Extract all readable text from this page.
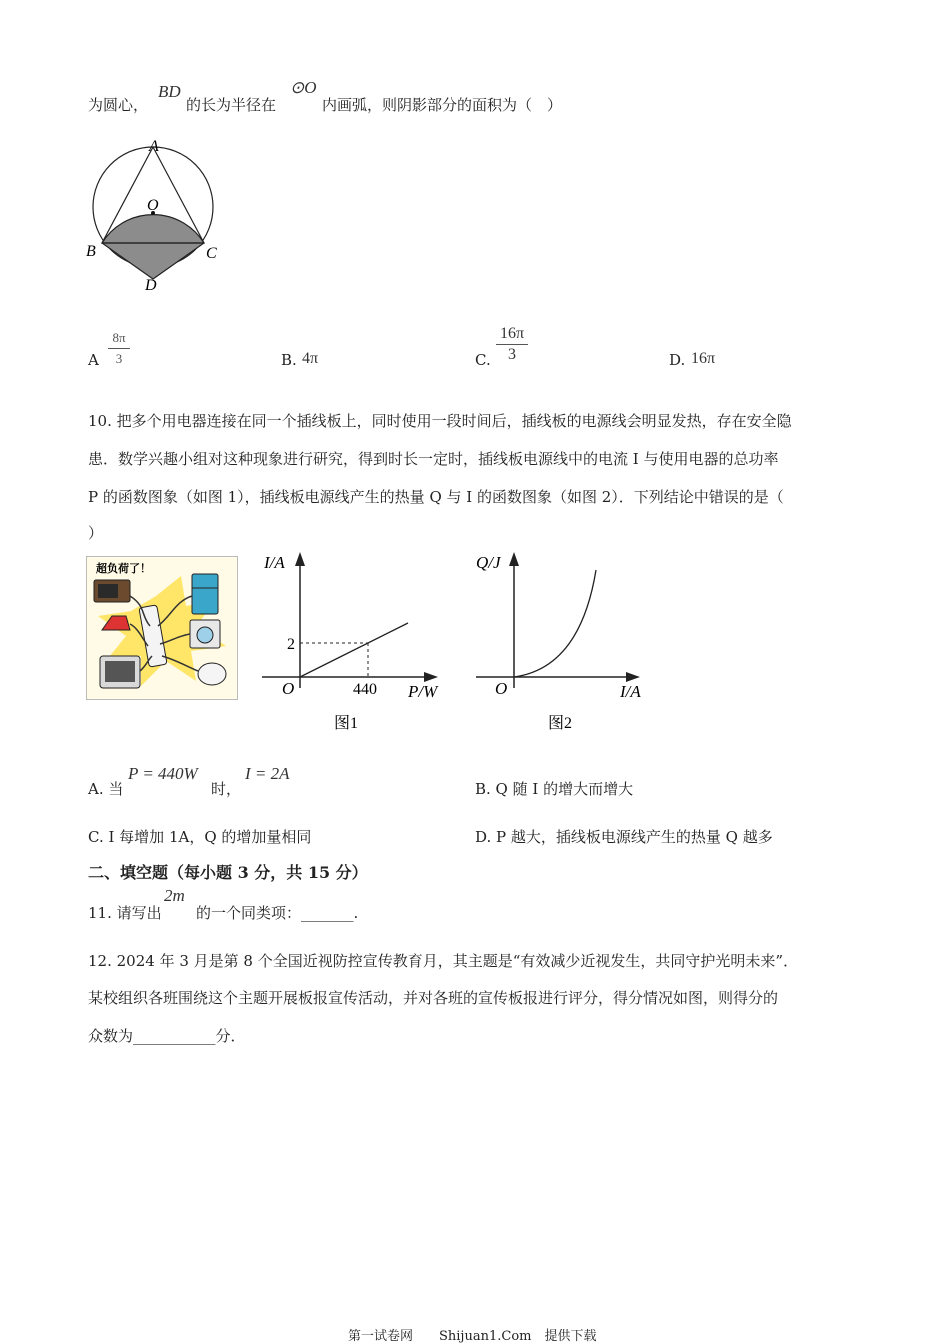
为圆心，
BD
的长为半径在
⊙O
内画弧，则阴影部分的面积为（　）
A
O
B	C
D
A
8π
3	B. 4π	C.
16π
3	D. 16π
10. 把多个用电器连接在同一个插线板上，同时使用一段时间后，插线板的电源线会明显发热，存在安全隐
患．数学兴趣小组对这种现象进行研究，得到时长一定时，插线板电源线中的电流 I 与使用电器的总功率
P 的函数图象（如图 1），插线板电源线产生的热量 Q 与 I 的函数图象（如图 2）．下列结论中错误的是（
）
超负荷了！	I/A
P/W
O
2
440
图1
Q/J
I/A
O
图2
A. 当
P = 440W
时，
I = 2A
B. Q 随 I 的增大而增大
C. I 每增加 1A，Q 的增加量相同	D. P 越大，插线板电源线产生的热量 Q 越多
二、填空题（每小题 3 分，共 15 分）
11. 请写出
2m
的一个同类项：_______.
12. 2024 年 3 月是第 8 个全国近视防控宣传教育月，其主题是“有效减少近视发生，共同守护光明未来”．
某校组织各班围绕这个主题开展板报宣传活动，并对各班的宣传板报进行评分，得分情况如图，则得分的
众数为___________分．
第一试卷网　　Shijuan1.Com　提供下载
